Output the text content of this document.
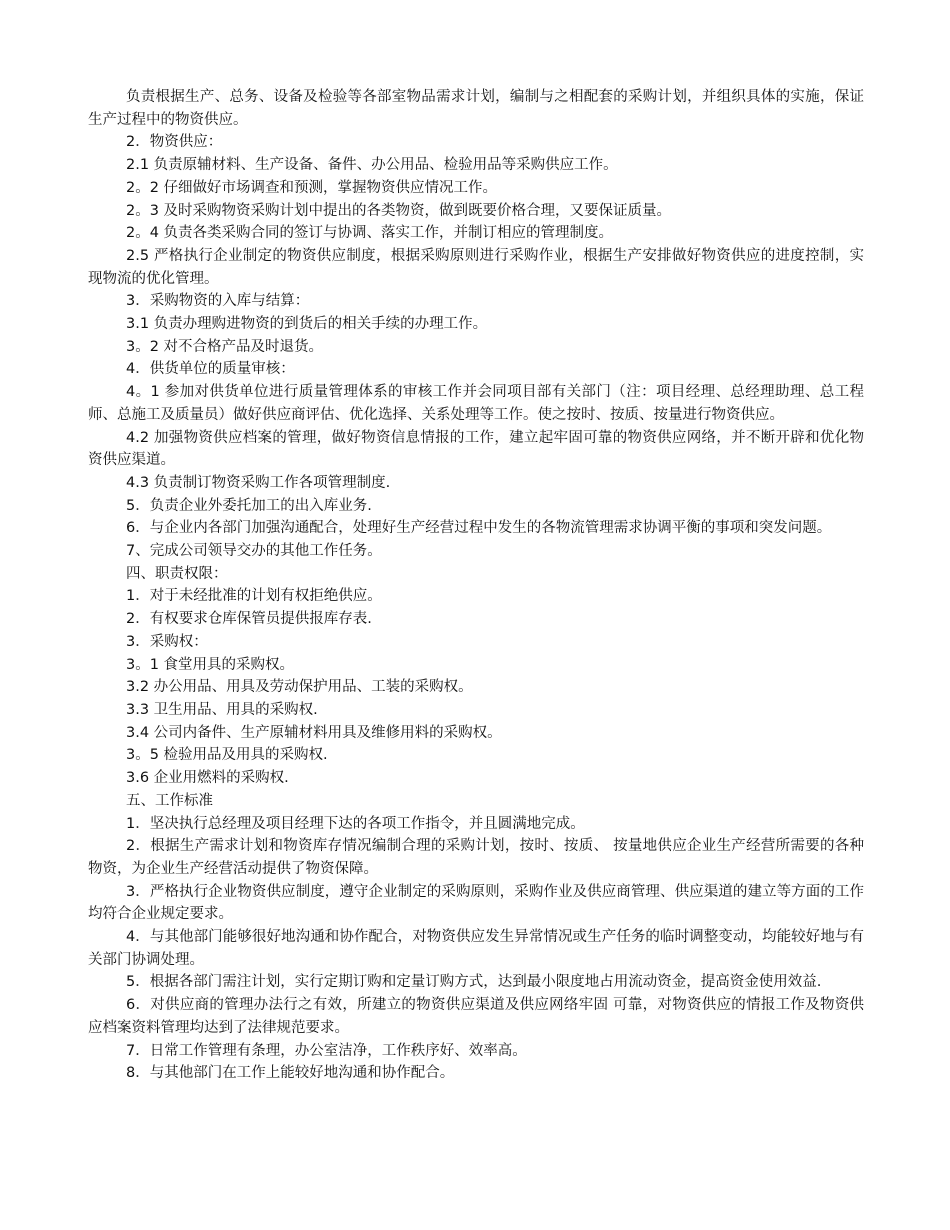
负责根据生产、总务、设备及检验等各部室物品需求计划，编制与之相配套的采购计划，并组织具体的实施，保证生产过程中的物资供应。

2．物资供应：

2.1 负责原辅材料、生产设备、备件、办公用品、检验用品等采购供应工作。

2。2 仔细做好市场调查和预测，掌握物资供应情况工作。

2。3 及时采购物资采购计划中提出的各类物资，做到既要价格合理，又要保证质量。

2。4 负责各类采购合同的签订与协调、落实工作，并制订相应的管理制度。

2.5 严格执行企业制定的物资供应制度，根据采购原则进行采购作业，根据生产安排做好物资供应的进度控制，实现物流的优化管理。

3．采购物资的入库与结算：

3.1 负责办理购进物资的到货后的相关手续的办理工作。

3。2 对不合格产品及时退货。

4．供货单位的质量审核：

4。1 参加对供货单位进行质量管理体系的审核工作并会同项目部有关部门（注：项目经理、总经理助理、总工程师、总施工及质量员）做好供应商评估、优化选择、关系处理等工作。使之按时、按质、按量进行物资供应。

4.2 加强物资供应档案的管理，做好物资信息情报的工作，建立起牢固可靠的物资供应网络，并不断开辟和优化物资供应渠道。

4.3 负责制订物资采购工作各项管理制度.

5．负责企业外委托加工的出入库业务.

6．与企业内各部门加强沟通配合，处理好生产经营过程中发生的各物流管理需求协调平衡的事项和突发问题。

7、完成公司领导交办的其他工作任务。

四、职责权限：

1．对于未经批准的计划有权拒绝供应。

2．有权要求仓库保管员提供报库存表.

3．采购权：

3。1 食堂用具的采购权。

3.2 办公用品、用具及劳动保护用品、工装的采购权。

3.3 卫生用品、用具的采购权.

3.4 公司内备件、生产原辅材料用具及维修用料的采购权。

3。5 检验用品及用具的采购权.

3.6 企业用燃料的采购权.

五、工作标准

1．坚决执行总经理及项目经理下达的各项工作指令，并且圆满地完成。

2．根据生产需求计划和物资库存情况编制合理的采购计划，按时、按质、 按量地供应企业生产经营所需要的各种物资，为企业生产经营活动提供了物资保障。

3．严格执行企业物资供应制度，遵守企业制定的采购原则，采购作业及供应商管理、供应渠道的建立等方面的工作均符合企业规定要求。

4．与其他部门能够很好地沟通和协作配合，对物资供应发生异常情况或生产任务的临时调整变动，均能较好地与有关部门协调处理。

5．根据各部门需注计划，实行定期订购和定量订购方式，达到最小限度地占用流动资金，提高资金使用效益.

6．对供应商的管理办法行之有效，所建立的物资供应渠道及供应网络牢固 可靠，对物资供应的情报工作及物资供应档案资料管理均达到了法律规范要求。

7．日常工作管理有条理，办公室洁净，工作秩序好、效率高。

8．与其他部门在工作上能较好地沟通和协作配合。
